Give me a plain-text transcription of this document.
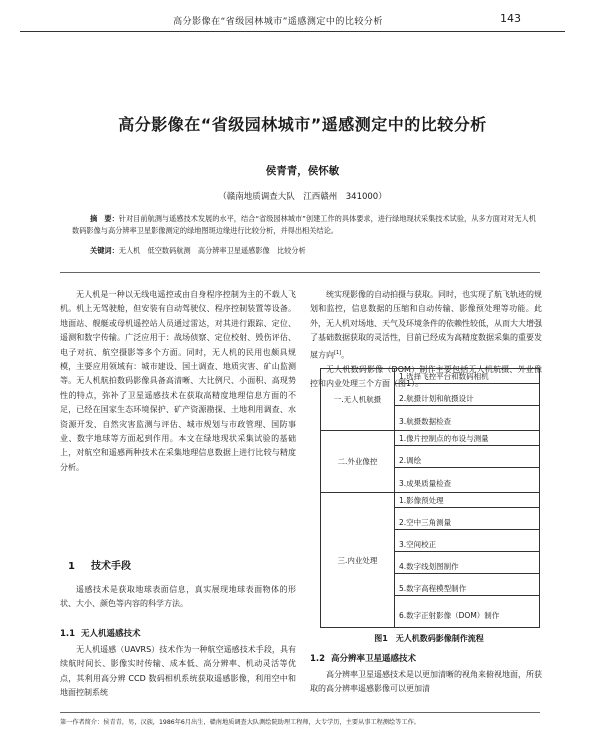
高分影像在“省级园林城市”遥感测定中的比较分析	143
高分影像在“省级园林城市”遥感测定中的比较分析
侯青青，侯怀敏
（赣南地质调查大队　江西赣州　341000）
摘　要：针对目前航测与遥感技术发展的水平，结合“省级园林城市”创建工作的具体要求，进行绿地现状采集技术试验，从多方面对对无人机数码影像与高分辨率卫星影像测定的绿地图斑边缘进行比较分析，并得出相关结论。
关键词：无人机　低空数码航测　高分辨率卫星遥感影像　比较分析

无人机是一种以无线电遥控或由自身程序控制为主的不载人飞机。机上无驾驶舱，但安装有自动驾驶仪、程序控制装置等设备。地面站、舰艇或母机遥控站人员通过雷达，对其进行跟踪、定位、遥测和数字传输。广泛应用于：战场侦察、定位校射、毁伤评估、电子对抗、航空摄影等多个方面。同时，无人机的民用也颇具规模，主要应用领域有：城市建设、国土调查、地质灾害、矿山监测等。无人机航拍数码影像具备高清晰、大比例尺、小面积、高现势性的特点，弥补了卫星遥感技术在获取高精度地理信息方面的不足，已经在国家生态环境保护、矿产资源勘探、土地利用调查、水资源开发、自然灾害监测与评估、城市规划与市政管理、国防事业、数字地球等方面起到作用。本文在绿地现状采集试验的基础上，对航空和遥感两种技术在采集地理信息数据上进行比较与精度分析。

1 技术手段

遥感技术是获取地球表面信息，真实展现地球表面物体的形状、大小、颜色等内容的科学方法。

1.1 无人机遥感技术

无人机遥感（UAVRS）技术作为一种航空遥感技术手段，具有续航时间长、影像实时传输、成本低、高分辨率、机动灵活等优点，其利用高分辨 CCD 数码相机系统获取遥感影像，利用空中和地面控制系统

统实现影像的自动拍摄与获取。同时，也实现了航飞轨迹的规划和监控，信息数据的压缩和自动传输、影像预处理等功能。此外，无人机对场地、天气及环境条件的依赖性较低，从而大大增强了基础数据获取的灵活性，目前已经成为高精度数据采集的重要发展方向[1]。

无人机数码影像（DOM）制作主要包括无人机航摄、外业像控和内业处理三个方面（图1）。

一.无人机航摄
1.选择飞控平台和数码相机
2.航摄计划和航摄设计
3.航摄数据检查
二.外业像控
1.像片控制点的布设与测量
2.调绘
3.成果质量检查
三.内业处理
1.影像预处理
2.空中三角测量
3.空间校正
4.数字线划图制作
5.数字高程模型制作
6.数字正射影像（DOM）制作
图1　无人机数码影像制作流程
1.2 高分辨率卫星遥感技术

高分辨率卫星遥感技术是以更加清晰的视角来俯视地面，所获取的高分辨率遥感影像可以更加清

第一作者简介：侯青青，男，汉族，1986年6月出生，赣南地质调查大队测绘院助理工程师，大专学历，主要从事工程测绘等工作。
